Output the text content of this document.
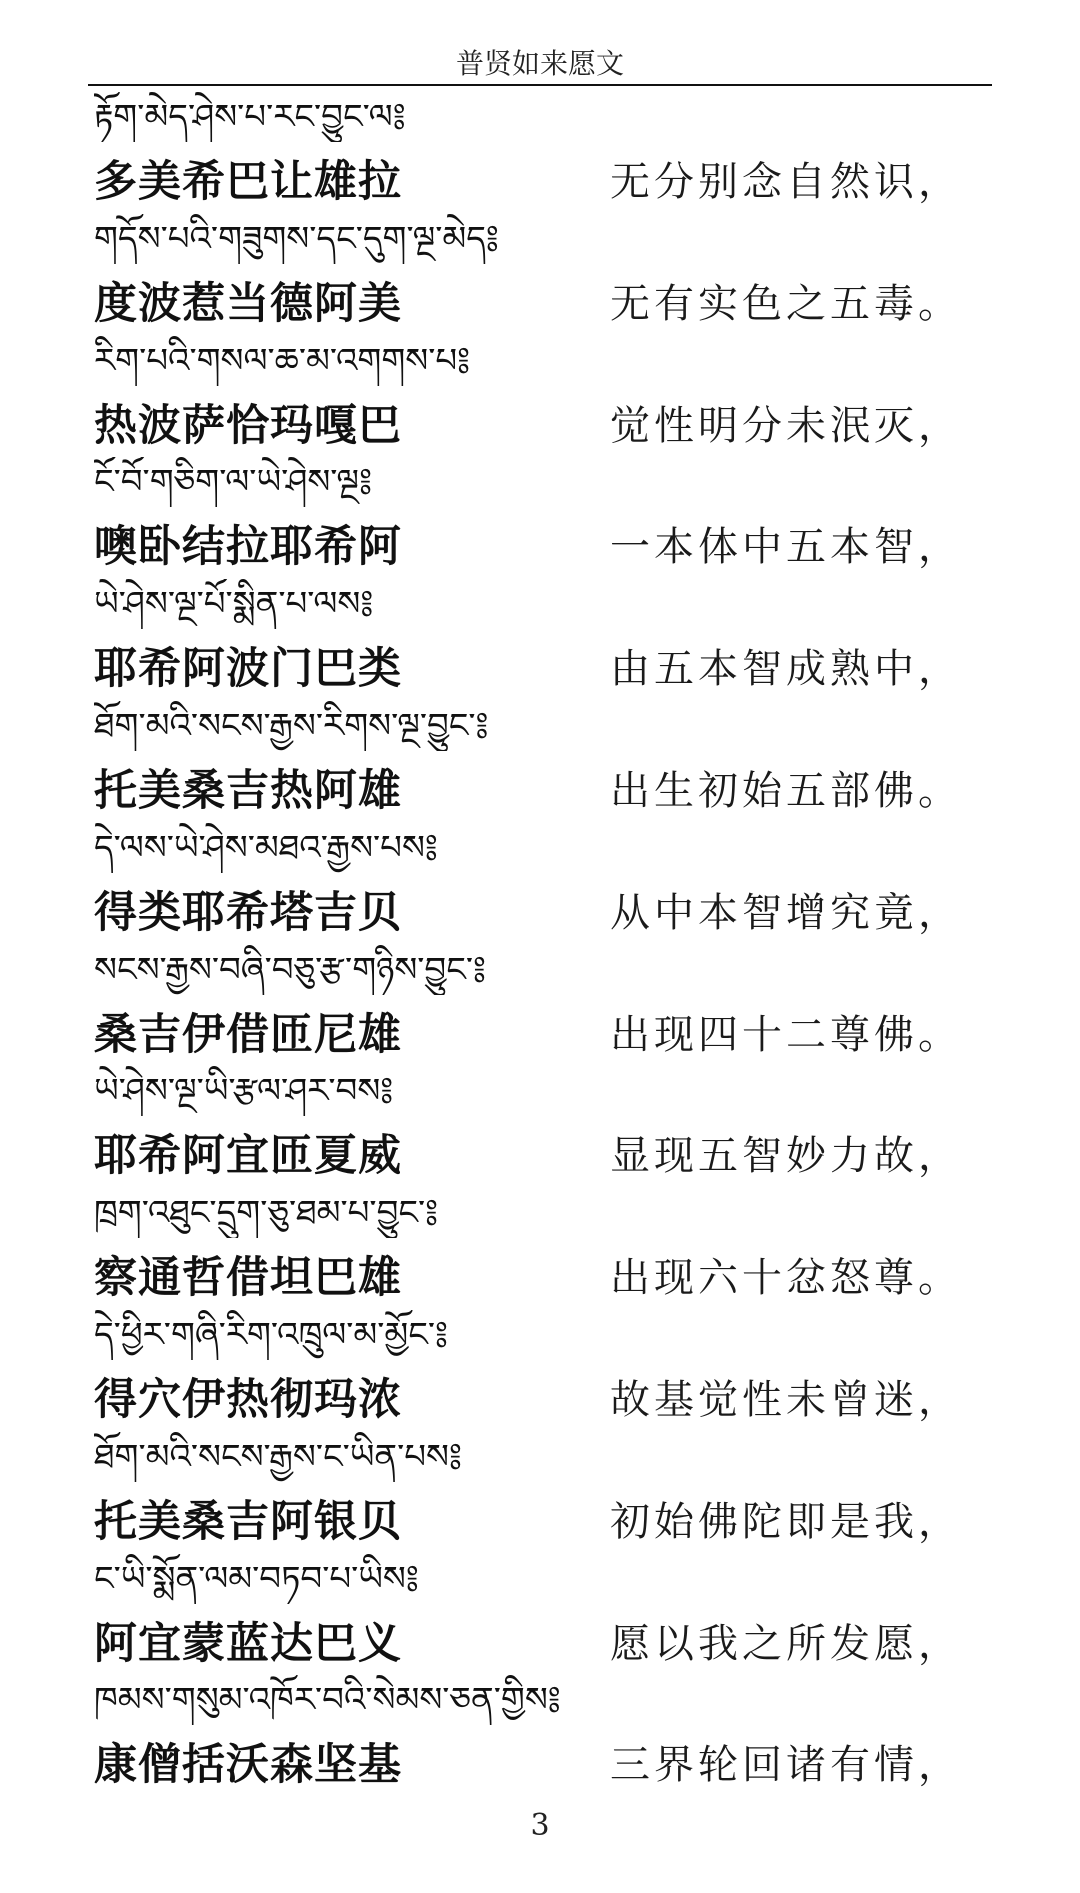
普贤如来愿文
རྟོག་མེད་ཤེས་པ་རང་བྱུང་ལ༔
多美希巴让雄拉	无分别念自然识，
གདོས་པའི་གཟུགས་དང་དུག་ལྔ་མེད༔
度波惹当德阿美	无有实色之五毒。
རིག་པའི་གསལ་ཆ་མ་འགགས་པ༔
热波萨恰玛嘎巴	觉性明分未泯灭，
ངོ་བོ་གཅིག་ལ་ཡེ་ཤེས་ལྔ༔
噢卧结拉耶希阿	一本体中五本智，
ཡེ་ཤེས་ལྔ་པོ་སྨིན་པ་ལས༔
耶希阿波门巴类	由五本智成熟中，
ཐོག་མའི་སངས་རྒྱས་རིགས་ལྔ་བྱུང་༔
托美桑吉热阿雄	出生初始五部佛。
དེ་ལས་ཡེ་ཤེས་མཐའ་རྒྱས་པས༔
得类耶希塔吉贝	从中本智增究竟，
སངས་རྒྱས་བཞི་བཅུ་རྩ་གཉིས་བྱུང་༔
桑吉伊借匝尼雄	出现四十二尊佛。
ཡེ་ཤེས་ལྔ་ཡི་རྩལ་ཤར་བས༔
耶希阿宜匝夏威	显现五智妙力故，
ཁྲག་འཐུང་དྲུག་ཅུ་ཐམ་པ་བྱུང་༔
察通哲借坦巴雄	出现六十忿怒尊。
དེ་ཕྱིར་གཞི་རིག་འཁྲུལ་མ་མྱོང་༔
得穴伊热彻玛浓	故基觉性未曾迷，
ཐོག་མའི་སངས་རྒྱས་ང་ཡིན་པས༔
托美桑吉阿银贝	初始佛陀即是我，
ང་ཡི་སྨོན་ལམ་བཏབ་པ་ཡིས༔
阿宜蒙蓝达巴义	愿以我之所发愿，
ཁམས་གསུམ་འཁོར་བའི་སེམས་ཅན་གྱིས༔
康僧括沃森坚基	三界轮回诸有情，
3
